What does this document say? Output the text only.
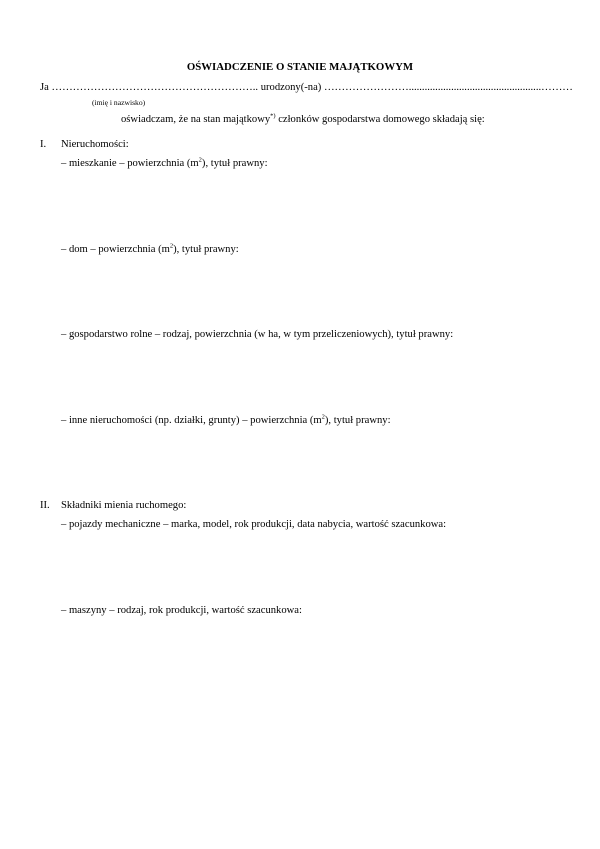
OŚWIADCZENIE O STANIE MAJĄTKOWYM
Ja ………………………………………………….. urodzony(-na) ……………………..................................................………
(imię i nazwisko)
oświadczam, że na stan majątkowy*) członków gospodarstwa domowego składają się:
I. Nieruchomości:
– mieszkanie – powierzchnia $(m^2)$, tytuł prawny:
– dom – powierzchnia $(m^2)$, tytuł prawny:
– gospodarstwo rolne – rodzaj, powierzchnia (w ha, w tym przeliczeniowych), tytuł prawny:
– inne nieruchomości (np. działki, grunty) – powierzchnia $(m^2)$, tytuł prawny:
II. Składniki mienia ruchomego:
– pojazdy mechaniczne – marka, model, rok produkcji, data nabycia, wartość szacunkowa:
– maszyny – rodzaj, rok produkcji, wartość szacunkowa:
